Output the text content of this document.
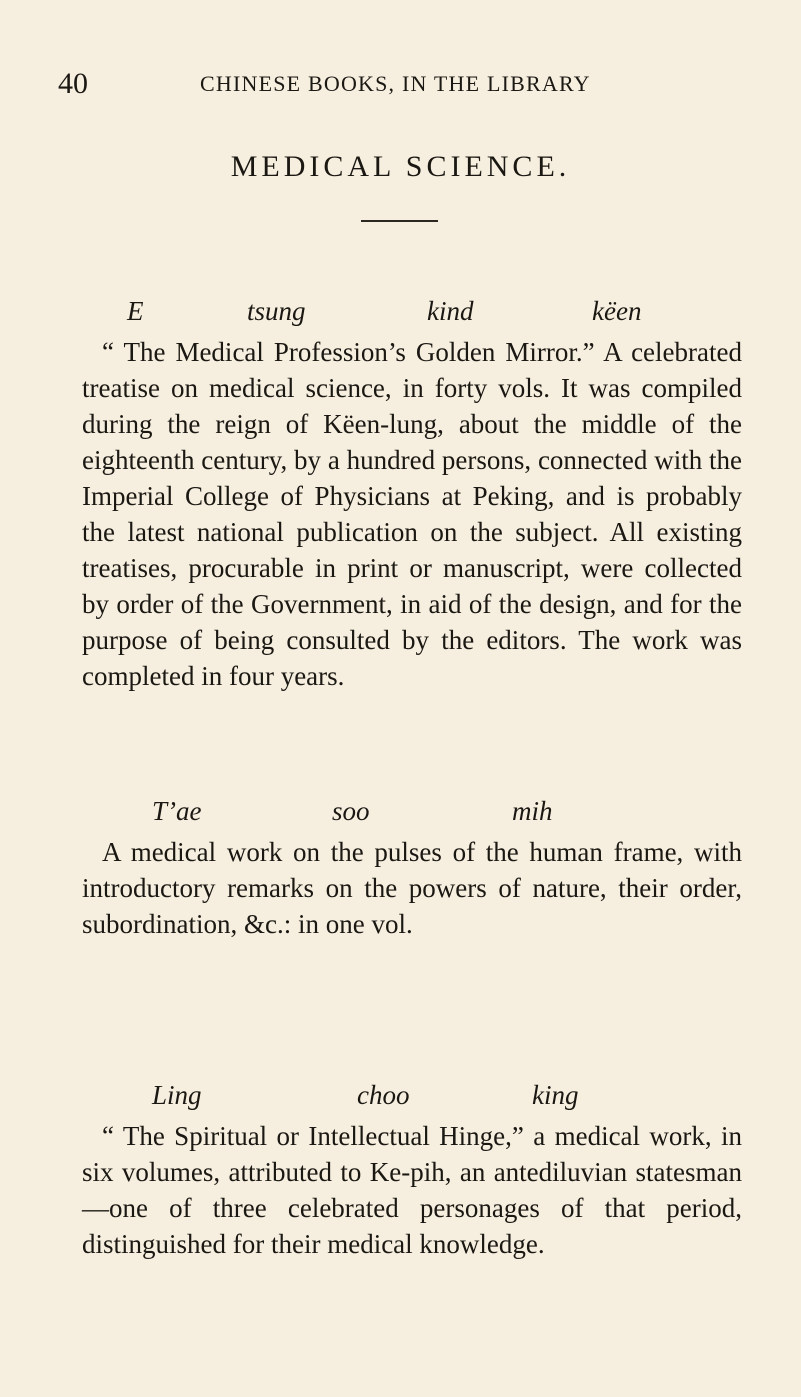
40	CHINESE BOOKS, IN THE LIBRARY
MEDICAL SCIENCE.
E	tsung	kind	këen

“ The Medical Profession’s Golden Mirror.” A celebrated treatise on medical science, in forty vols. It was compiled during the reign of Këen-lung, about the middle of the eighteenth century, by a hundred persons, connected with the Imperial College of Physicians at Peking, and is probably the latest national publication on the subject. All existing treatises, procurable in print or manuscript, were collected by order of the Government, in aid of the design, and for the purpose of being consulted by the editors. The work was completed in four years.

T’ae	soo	mih

A medical work on the pulses of the human frame, with introductory remarks on the powers of nature, their order, subordination, &c.: in one vol.

Ling	choo	king

“ The Spiritual or Intellectual Hinge,” a medical work, in six volumes, attributed to Ke-pih, an antediluvian statesman—one of three celebrated personages of that period, distinguished for their medical knowledge.
